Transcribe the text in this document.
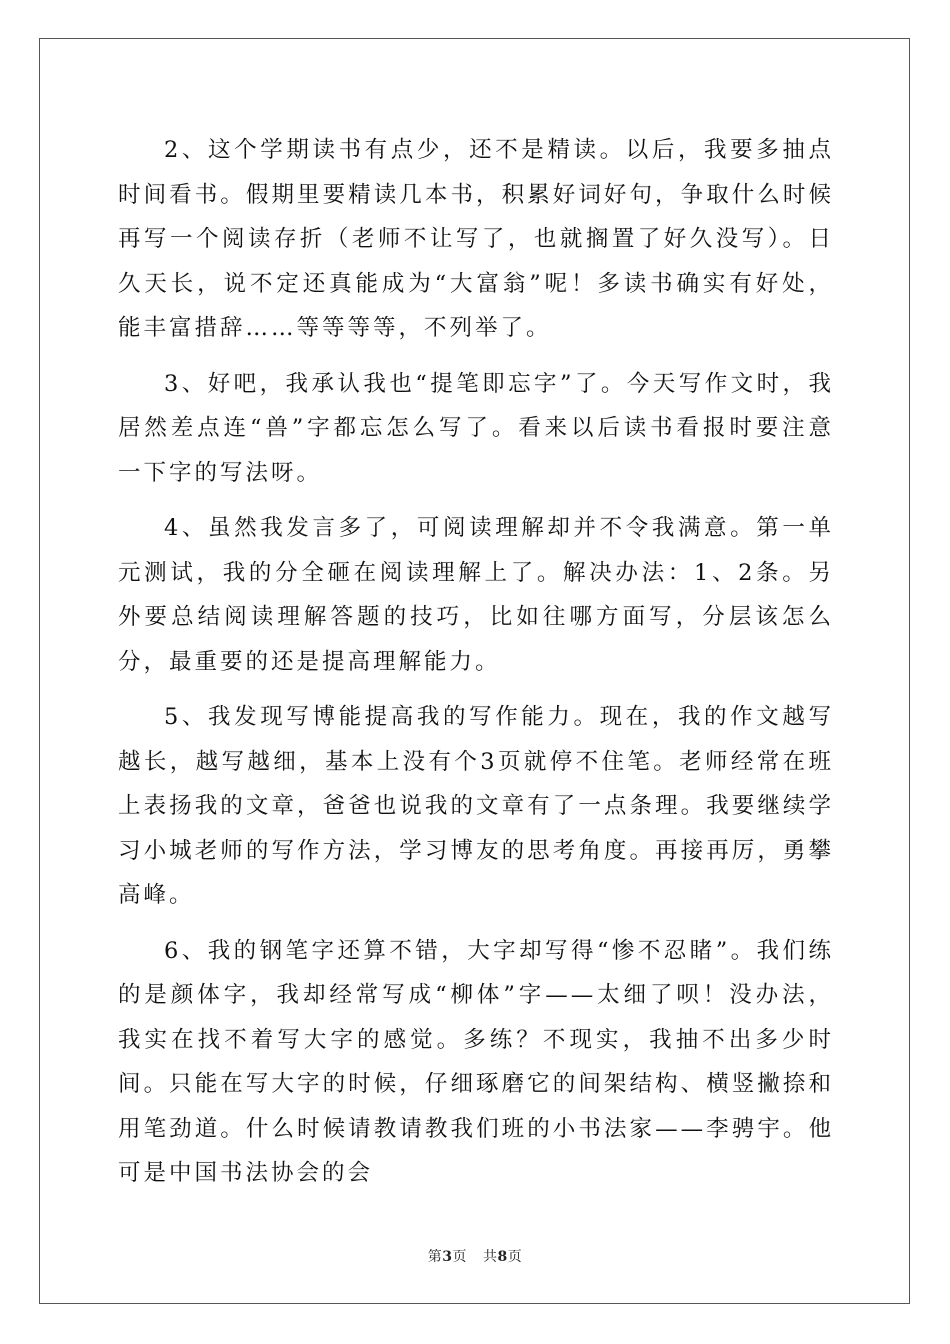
2、这个学期读书有点少，还不是精读。以后，我要多抽点时间看书。假期里要精读几本书，积累好词好句，争取什么时候再写一个阅读存折（老师不让写了，也就搁置了好久没写）。日久天长，说不定还真能成为“大富翁”呢！多读书确实有好处，能丰富措辞……等等等等，不列举了。

3、好吧，我承认我也“提笔即忘字”了。今天写作文时，我居然差点连“兽”字都忘怎么写了。看来以后读书看报时要注意一下字的写法呀。

4、虽然我发言多了，可阅读理解却并不令我满意。第一单元测试，我的分全砸在阅读理解上了。解决办法：1、2条。另外要总结阅读理解答题的技巧，比如往哪方面写，分层该怎么分，最重要的还是提高理解能力。

5、我发现写博能提高我的写作能力。现在，我的作文越写越长，越写越细，基本上没有个3页就停不住笔。老师经常在班上表扬我的文章，爸爸也说我的文章有了一点条理。我要继续学习小城老师的写作方法，学习博友的思考角度。再接再厉，勇攀高峰。

6、我的钢笔字还算不错，大字却写得“惨不忍睹”。我们练的是颜体字，我却经常写成“柳体”字——太细了呗！没办法，我实在找不着写大字的感觉。多练？不现实，我抽不出多少时间。只能在写大字的时候，仔细琢磨它的间架结构、横竖撇捺和用笔劲道。什么时候请教请教我们班的小书法家——李骋宇。他可是中国书法协会的会

第3页 共8页
